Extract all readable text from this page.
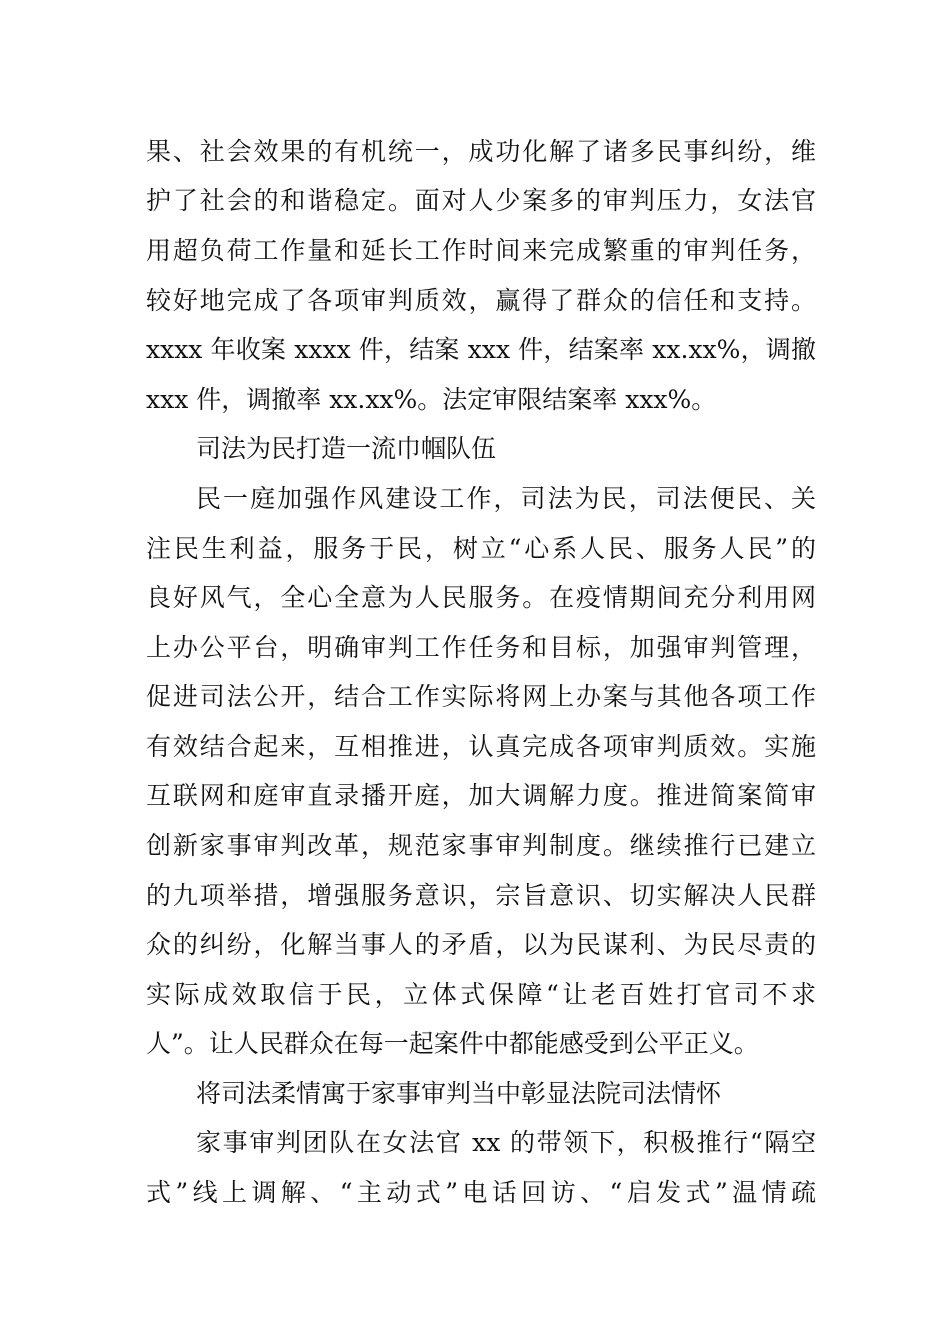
果、社会效果的有机统一，成功化解了诸多民事纠纷，维
护了社会的和谐稳定。面对人少案多的审判压力，女法官
用超负荷工作量和延长工作时间来完成繁重的审判任务，
较好地完成了各项审判质效，赢得了群众的信任和支持。
xxxx 年收案 xxxx 件，结案 xxx 件，结案率 xx.xx%，调撤
xxx 件，调撤率 xx.xx%。法定审限结案率 xxx%。
司法为民打造一流巾帼队伍
民一庭加强作风建设工作，司法为民，司法便民、关
注民生利益，服务于民，树立“心系人民、服务人民”的
良好风气，全心全意为人民服务。在疫情期间充分利用网
上办公平台，明确审判工作任务和目标，加强审判管理，
促进司法公开，结合工作实际将网上办案与其他各项工作
有效结合起来，互相推进，认真完成各项审判质效。实施
互联网和庭审直录播开庭，加大调解力度。推进简案简审
创新家事审判改革，规范家事审判制度。继续推行已建立
的九项举措，增强服务意识，宗旨意识、切实解决人民群
众的纠纷，化解当事人的矛盾，以为民谋利、为民尽责的
实际成效取信于民，立体式保障“让老百姓打官司不求
人”。让人民群众在每一起案件中都能感受到公平正义。
将司法柔情寓于家事审判当中彰显法院司法情怀
家事审判团队在女法官 xx 的带领下，积极推行“隔空
式”线上调解、“主动式”电话回访、“启发式”温情疏
